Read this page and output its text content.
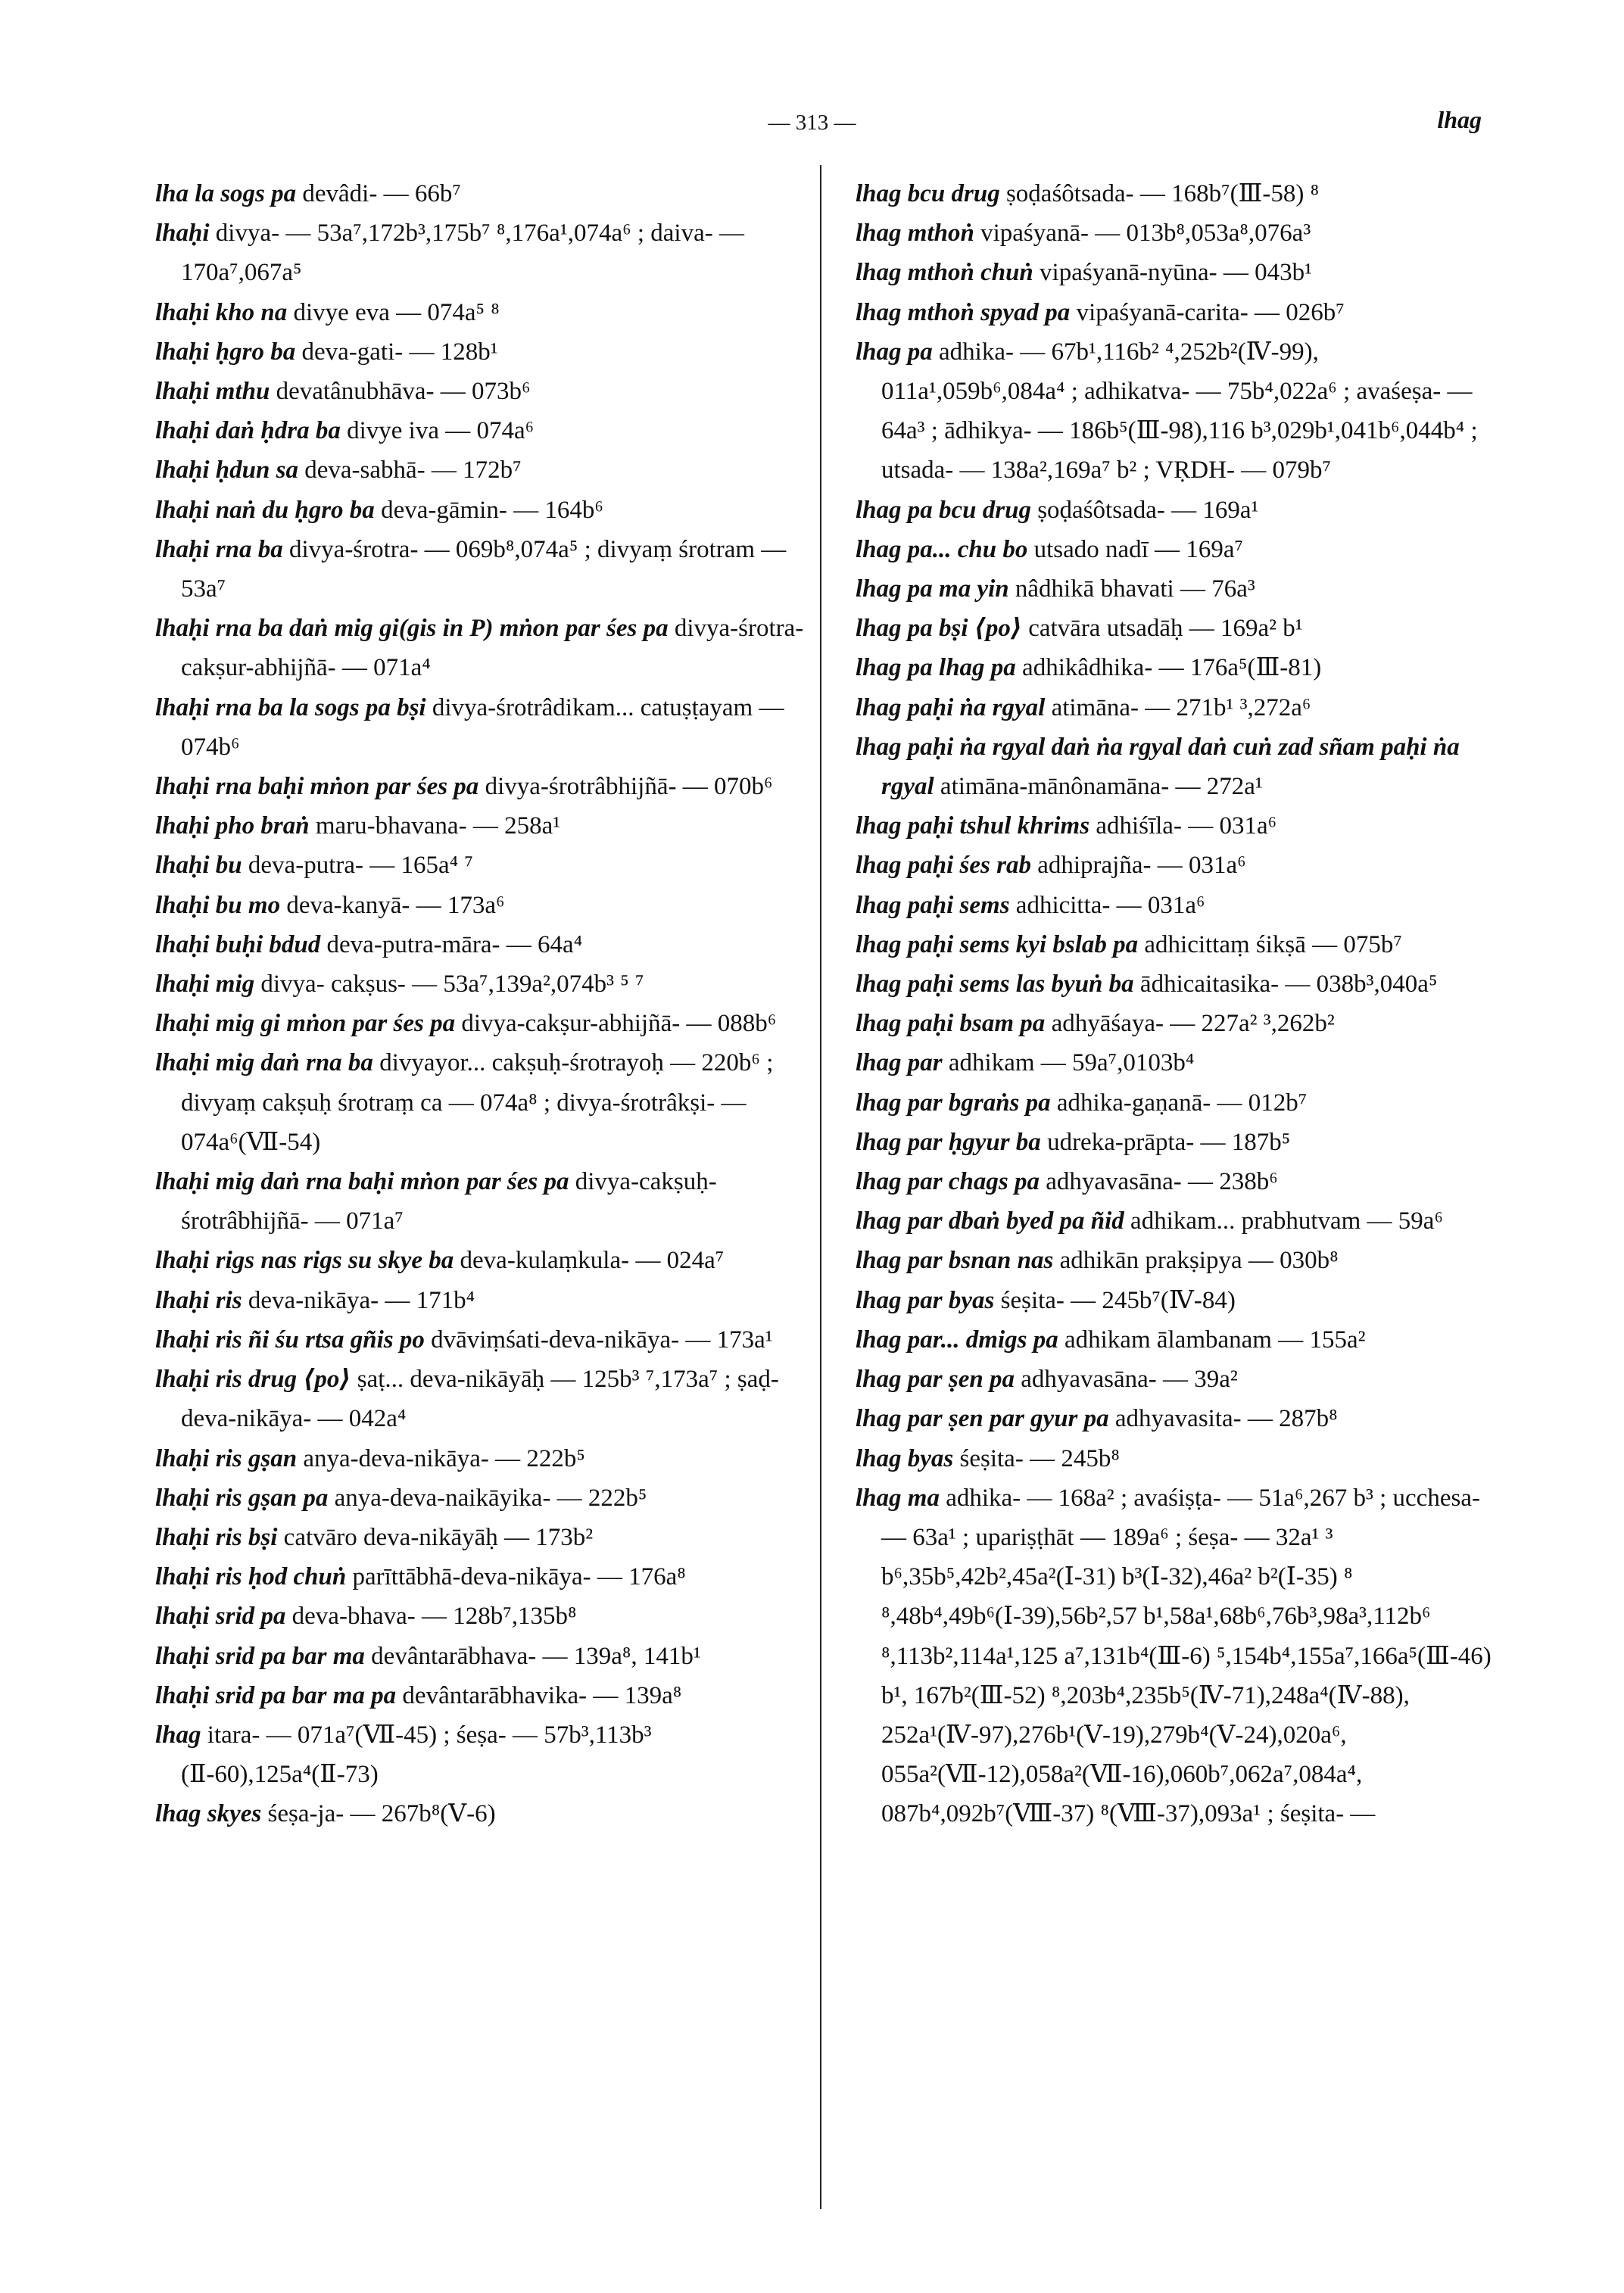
— 313 —	lhag

lha la sogs pa devâdi- — 66b⁷

lhaḥi divya- — 53a⁷,172b³,175b⁷ ⁸,176a¹,074a⁶ ; daiva- — 170a⁷,067a⁵

lhaḥi kho na divye eva — 074a⁵ ⁸

lhaḥi ḥgro ba deva-gati- — 128b¹

lhaḥi mthu devatânubhāva- — 073b⁶

lhaḥi daṅ ḥdra ba divye iva — 074a⁶

lhaḥi ḥdun sa deva-sabhā- — 172b⁷

lhaḥi naṅ du ḥgro ba deva-gāmin- — 164b⁶

lhaḥi rna ba divya-śrotra- — 069b⁸,074a⁵ ; divyaṃ śrotram — 53a⁷

lhaḥi rna ba daṅ mig gi(gis in P) mṅon par śes pa divya-śrotra-cakṣur-abhijñā- — 071a⁴

lhaḥi rna ba la sogs pa bṣi divya-śrotrâdikam... catuṣṭayam — 074b⁶

lhaḥi rna baḥi mṅon par śes pa divya-śrotrâbhijñā- — 070b⁶

lhaḥi pho braṅ maru-bhavana- — 258a¹

lhaḥi bu deva-putra- — 165a⁴ ⁷

lhaḥi bu mo deva-kanyā- — 173a⁶

lhaḥi buḥi bdud deva-putra-māra- — 64a⁴

lhaḥi mig divya- cakṣus- — 53a⁷,139a²,074b³ ⁵ ⁷

lhaḥi mig gi mṅon par śes pa divya-cakṣur-abhijñā- — 088b⁶

lhaḥi mig daṅ rna ba divyayor... cakṣuḥ-śrotrayoḥ — 220b⁶ ; divyaṃ cakṣuḥ śrotraṃ ca — 074a⁸ ; divya-śrotrâkṣi- — 074a⁶(Ⅶ-54)

lhaḥi mig daṅ rna baḥi mṅon par śes pa divya-cakṣuḥ-śrotrâbhijñā- — 071a⁷

lhaḥi rigs nas rigs su skye ba deva-kulaṃkula- — 024a⁷

lhaḥi ris deva-nikāya- — 171b⁴

lhaḥi ris ñi śu rtsa gñis po dvāviṃśati-deva-nikāya- — 173a¹

lhaḥi ris drug ⟨po⟩ ṣaṭ... deva-nikāyāḥ — 125b³ ⁷,173a⁷ ; ṣaḍ-deva-nikāya- — 042a⁴

lhaḥi ris gṣan anya-deva-nikāya- — 222b⁵

lhaḥi ris gṣan pa anya-deva-naikāyika- — 222b⁵

lhaḥi ris bṣi catvāro deva-nikāyāḥ — 173b²

lhaḥi ris ḥod chuṅ parīttābhā-deva-nikāya- — 176a⁸

lhaḥi srid pa deva-bhava- — 128b⁷,135b⁸

lhaḥi srid pa bar ma devântarābhava- — 139a⁸, 141b¹

lhaḥi srid pa bar ma pa devântarābhavika- — 139a⁸

lhag itara- — 071a⁷(Ⅶ-45) ; śeṣa- — 57b³,113b³ (Ⅱ-60),125a⁴(Ⅱ-73)

lhag skyes śeṣa-ja- — 267b⁸(Ⅴ-6)

lhag bcu drug ṣoḍaśôtsada- — 168b⁷(Ⅲ-58) ⁸

lhag mthoṅ vipaśyanā- — 013b⁸,053a⁸,076a³

lhag mthoṅ chuṅ vipaśyanā-nyūna- — 043b¹

lhag mthoṅ spyad pa vipaśyanā-carita- — 026b⁷

lhag pa adhika- — 67b¹,116b² ⁴,252b²(Ⅳ-99), 011a¹,059b⁶,084a⁴ ; adhikatva- — 75b⁴,022a⁶ ; avaśeṣa- — 64a³ ; ādhikya- — 186b⁵(Ⅲ-98),116 b³,029b¹,041b⁶,044b⁴ ; utsada- — 138a²,169a⁷ b² ; VṚDH- — 079b⁷

lhag pa bcu drug ṣoḍaśôtsada- — 169a¹

lhag pa... chu bo utsado nadī — 169a⁷

lhag pa ma yin nâdhikā bhavati — 76a³

lhag pa bṣi ⟨po⟩ catvāra utsadāḥ — 169a² b¹

lhag pa lhag pa adhikâdhika- — 176a⁵(Ⅲ-81)

lhag paḥi ṅa rgyal atimāna- — 271b¹ ³,272a⁶

lhag paḥi ṅa rgyal daṅ ṅa rgyal daṅ cuṅ zad sñam paḥi ṅa rgyal atimāna-mānônamāna- — 272a¹

lhag paḥi tshul khrims adhiśīla- — 031a⁶

lhag paḥi śes rab adhiprajña- — 031a⁶

lhag paḥi sems adhicitta- — 031a⁶

lhag paḥi sems kyi bslab pa adhicittaṃ śikṣā — 075b⁷

lhag paḥi sems las byuṅ ba ādhicaitasika- — 038b³,040a⁵

lhag paḥi bsam pa adhyāśaya- — 227a² ³,262b²

lhag par adhikam — 59a⁷,0103b⁴

lhag par bgraṅs pa adhika-gaṇanā- — 012b⁷

lhag par ḥgyur ba udreka-prāpta- — 187b⁵

lhag par chags pa adhyavasāna- — 238b⁶

lhag par dbaṅ byed pa ñid adhikam... prabhutvam — 59a⁶

lhag par bsnan nas adhikān prakṣipya — 030b⁸

lhag par byas śeṣita- — 245b⁷(Ⅳ-84)

lhag par... dmigs pa adhikam ālambanam — 155a²

lhag par ṣen pa adhyavasāna- — 39a²

lhag par ṣen par gyur pa adhyavasita- — 287b⁸

lhag byas śeṣita- — 245b⁸

lhag ma adhika- — 168a² ; avaśiṣṭa- — 51a⁶,267 b³ ; ucchesa- — 63a¹ ; upariṣṭhāt — 189a⁶ ; śeṣa- — 32a¹ ³ b⁶,35b⁵,42b²,45a²(Ⅰ-31) b³(Ⅰ-32),46a² b²(Ⅰ-35) ⁸ ⁸,48b⁴,49b⁶(Ⅰ-39),56b²,57 b¹,58a¹,68b⁶,76b³,98a³,112b⁶ ⁸,113b²,114a¹,125 a⁷,131b⁴(Ⅲ-6) ⁵,154b⁴,155a⁷,166a⁵(Ⅲ-46) b¹, 167b²(Ⅲ-52) ⁸,203b⁴,235b⁵(Ⅳ-71),248a⁴(Ⅳ-88), 252a¹(Ⅳ-97),276b¹(Ⅴ-19),279b⁴(Ⅴ-24),020a⁶, 055a²(Ⅶ-12),058a²(Ⅶ-16),060b⁷,062a⁷,084a⁴, 087b⁴,092b⁷(Ⅷ-37) ⁸(Ⅷ-37),093a¹ ; śeṣita- —
